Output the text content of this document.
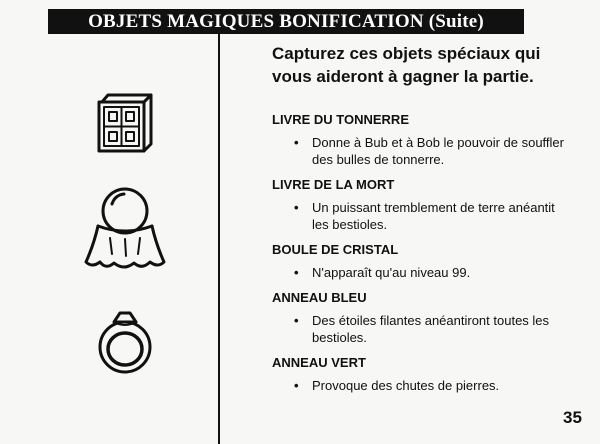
OBJETS MAGIQUES BONIFICATION (Suite)
Capturez ces objets spéciaux qui vous aideront à gagner la partie.

LIVRE DU TONNERRE

• Donne à Bub et à Bob le pouvoir de souffler des bulles de tonnerre.

LIVRE DE LA MORT

• Un puissant tremblement de terre anéantit les bestioles.

BOULE DE CRISTAL

• N'apparaît qu'au niveau 99.

ANNEAU BLEU

• Des étoiles filantes anéantiront toutes les bestioles.

ANNEAU VERT

• Provoque des chutes de pierres.

35
